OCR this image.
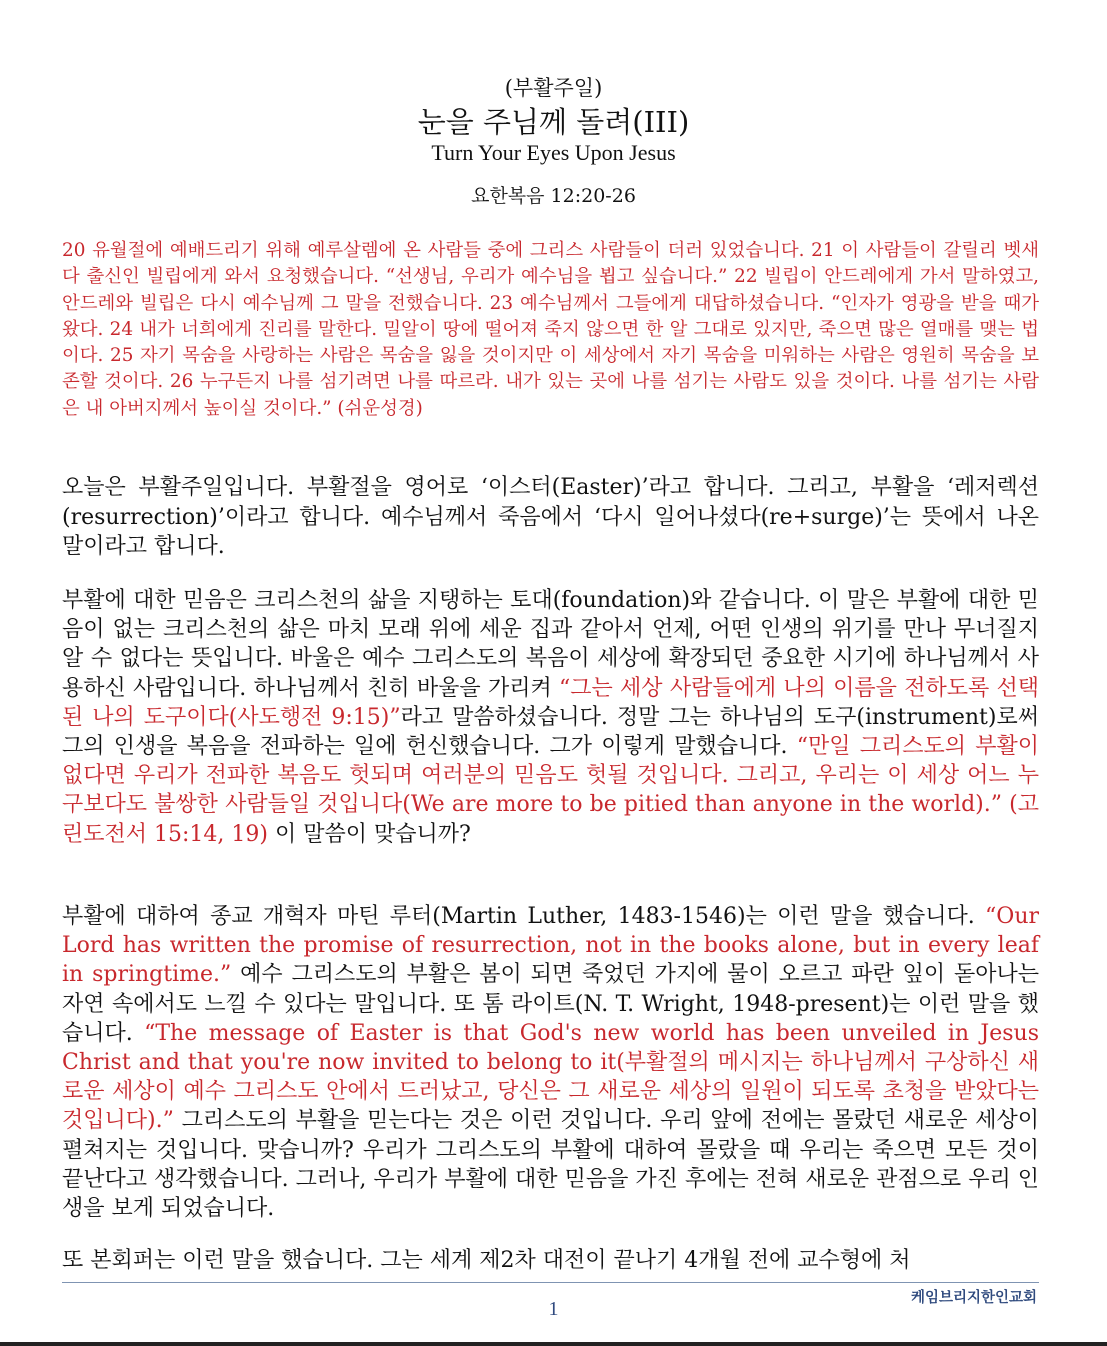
(부활주일)
눈을 주님께 돌려(III)
Turn Your Eyes Upon Jesus
요한복음 12:20-26
20 유월절에 예배드리기 위해 예루살렘에 온 사람들 중에 그리스 사람들이 더러 있었습니다. 21 이 사람들이 갈릴리 벳새다 출신인 빌립에게 와서 요청했습니다. “선생님, 우리가 예수님을 뵙고 싶습니다.” 22 빌립이 안드레에게 가서 말하였고, 안드레와 빌립은 다시 예수님께 그 말을 전했습니다. 23 예수님께서 그들에게 대답하셨습니다. “인자가 영광을 받을 때가 왔다. 24 내가 너희에게 진리를 말한다. 밀알이 땅에 떨어져 죽지 않으면 한 알 그대로 있지만, 죽으면 많은 열매를 맺는 법이다. 25 자기 목숨을 사랑하는 사람은 목숨을 잃을 것이지만 이 세상에서 자기 목숨을 미워하는 사람은 영원히 목숨을 보존할 것이다. 26 누구든지 나를 섬기려면 나를 따르라. 내가 있는 곳에 나를 섬기는 사람도 있을 것이다. 나를 섬기는 사람은 내 아버지께서 높이실 것이다.” (쉬운성경)
오늘은 부활주일입니다. 부활절을 영어로 ‘이스터(Easter)’라고 합니다. 그리고, 부활을 ‘레저렉션(resurrection)’이라고 합니다. 예수님께서 죽음에서 ‘다시 일어나셨다(re+surge)’는 뜻에서 나온 말이라고 합니다.
부활에 대한 믿음은 크리스천의 삶을 지탱하는 토대(foundation)와 같습니다. 이 말은 부활에 대한 믿음이 없는 크리스천의 삶은 마치 모래 위에 세운 집과 같아서 언제, 어떤 인생의 위기를 만나 무너질지 알 수 없다는 뜻입니다. 바울은 예수 그리스도의 복음이 세상에 확장되던 중요한 시기에 하나님께서 사용하신 사람입니다. 하나님께서 친히 바울을 가리켜 “그는 세상 사람들에게 나의 이름을 전하도록 선택된 나의 도구이다(사도행전 9:15)”라고 말씀하셨습니다. 정말 그는 하나님의 도구(instrument)로써 그의 인생을 복음을 전파하는 일에 헌신했습니다. 그가 이렇게 말했습니다. “만일 그리스도의 부활이 없다면 우리가 전파한 복음도 헛되며 여러분의 믿음도 헛될 것입니다. 그리고, 우리는 이 세상 어느 누구보다도 불쌍한 사람들일 것입니다(We are more to be pitied than anyone in the world).” (고린도전서 15:14, 19) 이 말씀이 맞습니까?
부활에 대하여 종교 개혁자 마틴 루터(Martin Luther, 1483-1546)는 이런 말을 했습니다. “Our Lord has written the promise of resurrection, not in the books alone, but in every leaf in springtime.” 예수 그리스도의 부활은 봄이 되면 죽었던 가지에 물이 오르고 파란 잎이 돋아나는 자연 속에서도 느낄 수 있다는 말입니다. 또 톰 라이트(N. T. Wright, 1948-present)는 이런 말을 했습니다. “The message of Easter is that God's new world has been unveiled in Jesus Christ and that you're now invited to belong to it(부활절의 메시지는 하나님께서 구상하신 새로운 세상이 예수 그리스도 안에서 드러났고, 당신은 그 새로운 세상의 일원이 되도록 초청을 받았다는 것입니다).” 그리스도의 부활을 믿는다는 것은 이런 것입니다. 우리 앞에 전에는 몰랐던 새로운 세상이 펼쳐지는 것입니다. 맞습니까? 우리가 그리스도의 부활에 대하여 몰랐을 때 우리는 죽으면 모든 것이 끝난다고 생각했습니다. 그러나, 우리가 부활에 대한 믿음을 가진 후에는 전혀 새로운 관점으로 우리 인생을 보게 되었습니다.
또 본회퍼는 이런 말을 했습니다. 그는 세계 제2차 대전이 끝나기 4개월 전에 교수형에 처
케임브리지한인교회
1
